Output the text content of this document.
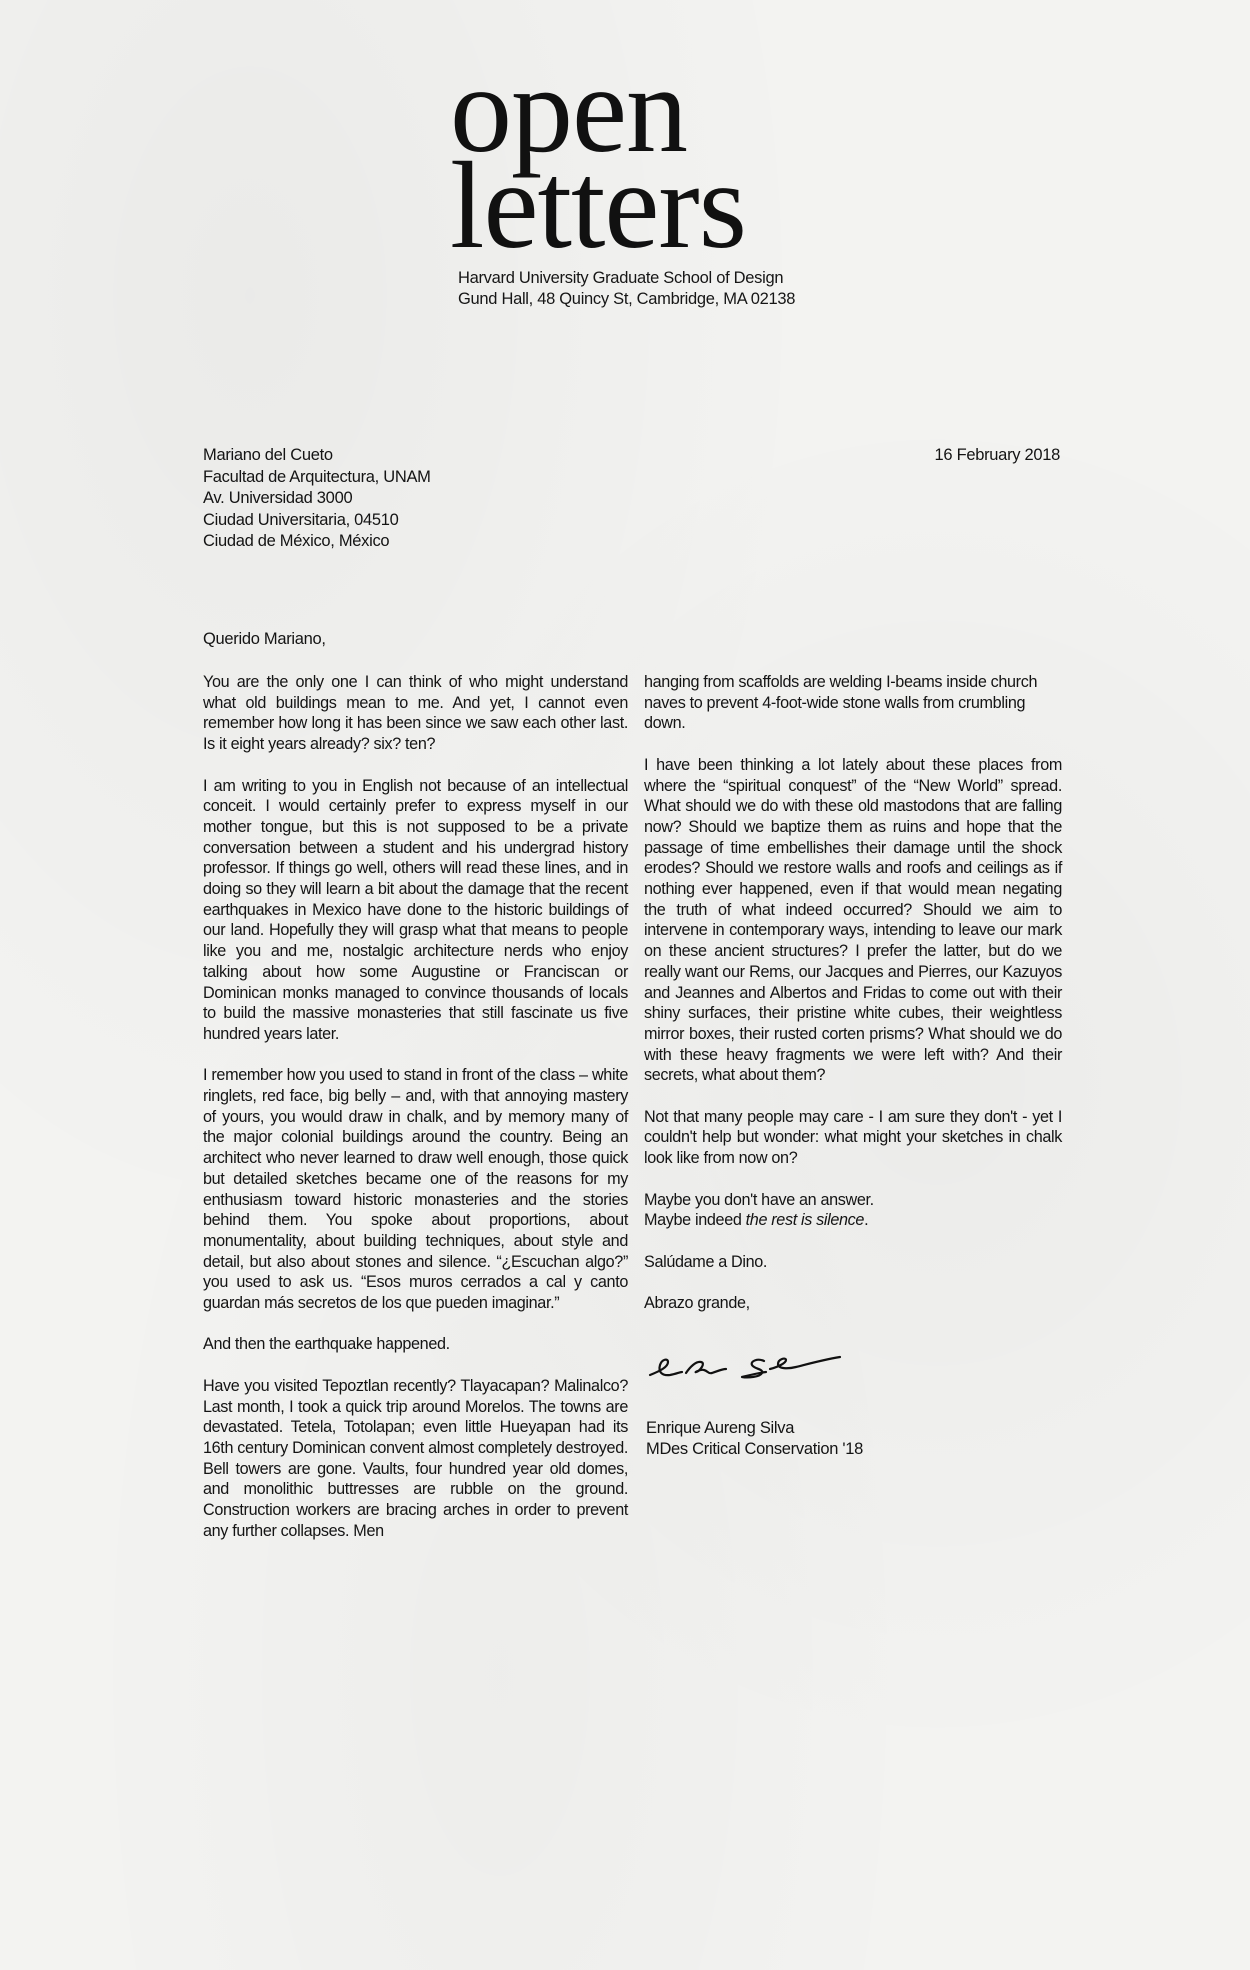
open
letters
Harvard University Graduate School of Design
Gund Hall, 48 Quincy St, Cambridge, MA 02138
Mariano del Cueto
Facultad de Arquitectura, UNAM
Av. Universidad 3000
Ciudad Universitaria, 04510
Ciudad de México, México
16 February 2018
Querido Mariano,

You are the only one I can think of who might understand what old buildings mean to me. And yet, I cannot even remember how long it has been since we saw each other last. Is it eight years already? six? ten?

I am writing to you in English not because of an intellectual conceit. I would certainly prefer to express myself in our mother tongue, but this is not supposed to be a private conversation between a student and his undergrad history professor. If things go well, others will read these lines, and in doing so they will learn a bit about the damage that the recent earthquakes in Mexico have done to the historic buildings of our land. Hopefully they will grasp what that means to people like you and me, nostalgic architecture nerds who enjoy talking about how some Augustine or Franciscan or Dominican monks managed to convince thousands of locals to build the massive monasteries that still fascinate us five hundred years later.

I remember how you used to stand in front of the class – white ringlets, red face, big belly – and, with that annoying mastery of yours, you would draw in chalk, and by memory many of the major colonial buildings around the country. Being an architect who never learned to draw well enough, those quick but detailed sketches became one of the reasons for my enthusiasm toward historic monasteries and the stories behind them. You spoke about proportions, about monumentality, about building techniques, about style and detail, but also about stones and silence. “¿Escuchan algo?” you used to ask us. “Esos muros cerrados a cal y canto guardan más secretos de los que pueden imaginar.”

And then the earthquake happened.

Have you visited Tepoztlan recently? Tlayacapan? Malinalco? Last month, I took a quick trip around Morelos. The towns are devastated. Tetela, Totolapan; even little Hueyapan had its 16th century Dominican convent almost completely destroyed. Bell towers are gone. Vaults, four hundred year old domes, and monolithic buttresses are rubble on the ground. Construction workers are bracing arches in order to prevent any further collapses. Men

hanging from scaffolds are welding I-beams inside church naves to prevent 4-foot-wide stone walls from crumbling down.

I have been thinking a lot lately about these places from where the “spiritual conquest” of the “New World” spread. What should we do with these old mastodons that are falling now? Should we baptize them as ruins and hope that the passage of time embellishes their damage until the shock erodes? Should we restore walls and roofs and ceilings as if nothing ever happened, even if that would mean negating the truth of what indeed occurred? Should we aim to intervene in contemporary ways, intending to leave our mark on these ancient structures? I prefer the latter, but do we really want our Rems, our Jacques and Pierres, our Kazuyos and Jeannes and Albertos and Fridas to come out with their shiny surfaces, their pristine white cubes, their weightless mirror boxes, their rusted corten prisms? What should we do with these heavy fragments we were left with? And their secrets, what about them?

Not that many people may care - I am sure they don't - yet I couldn't help but wonder: what might your sketches in chalk look like from now on?

Maybe you don't have an answer.
Maybe indeed the rest is silence.

Salúdame a Dino.

Abrazo grande,

Enrique Aureng Silva
MDes Critical Conservation '18
